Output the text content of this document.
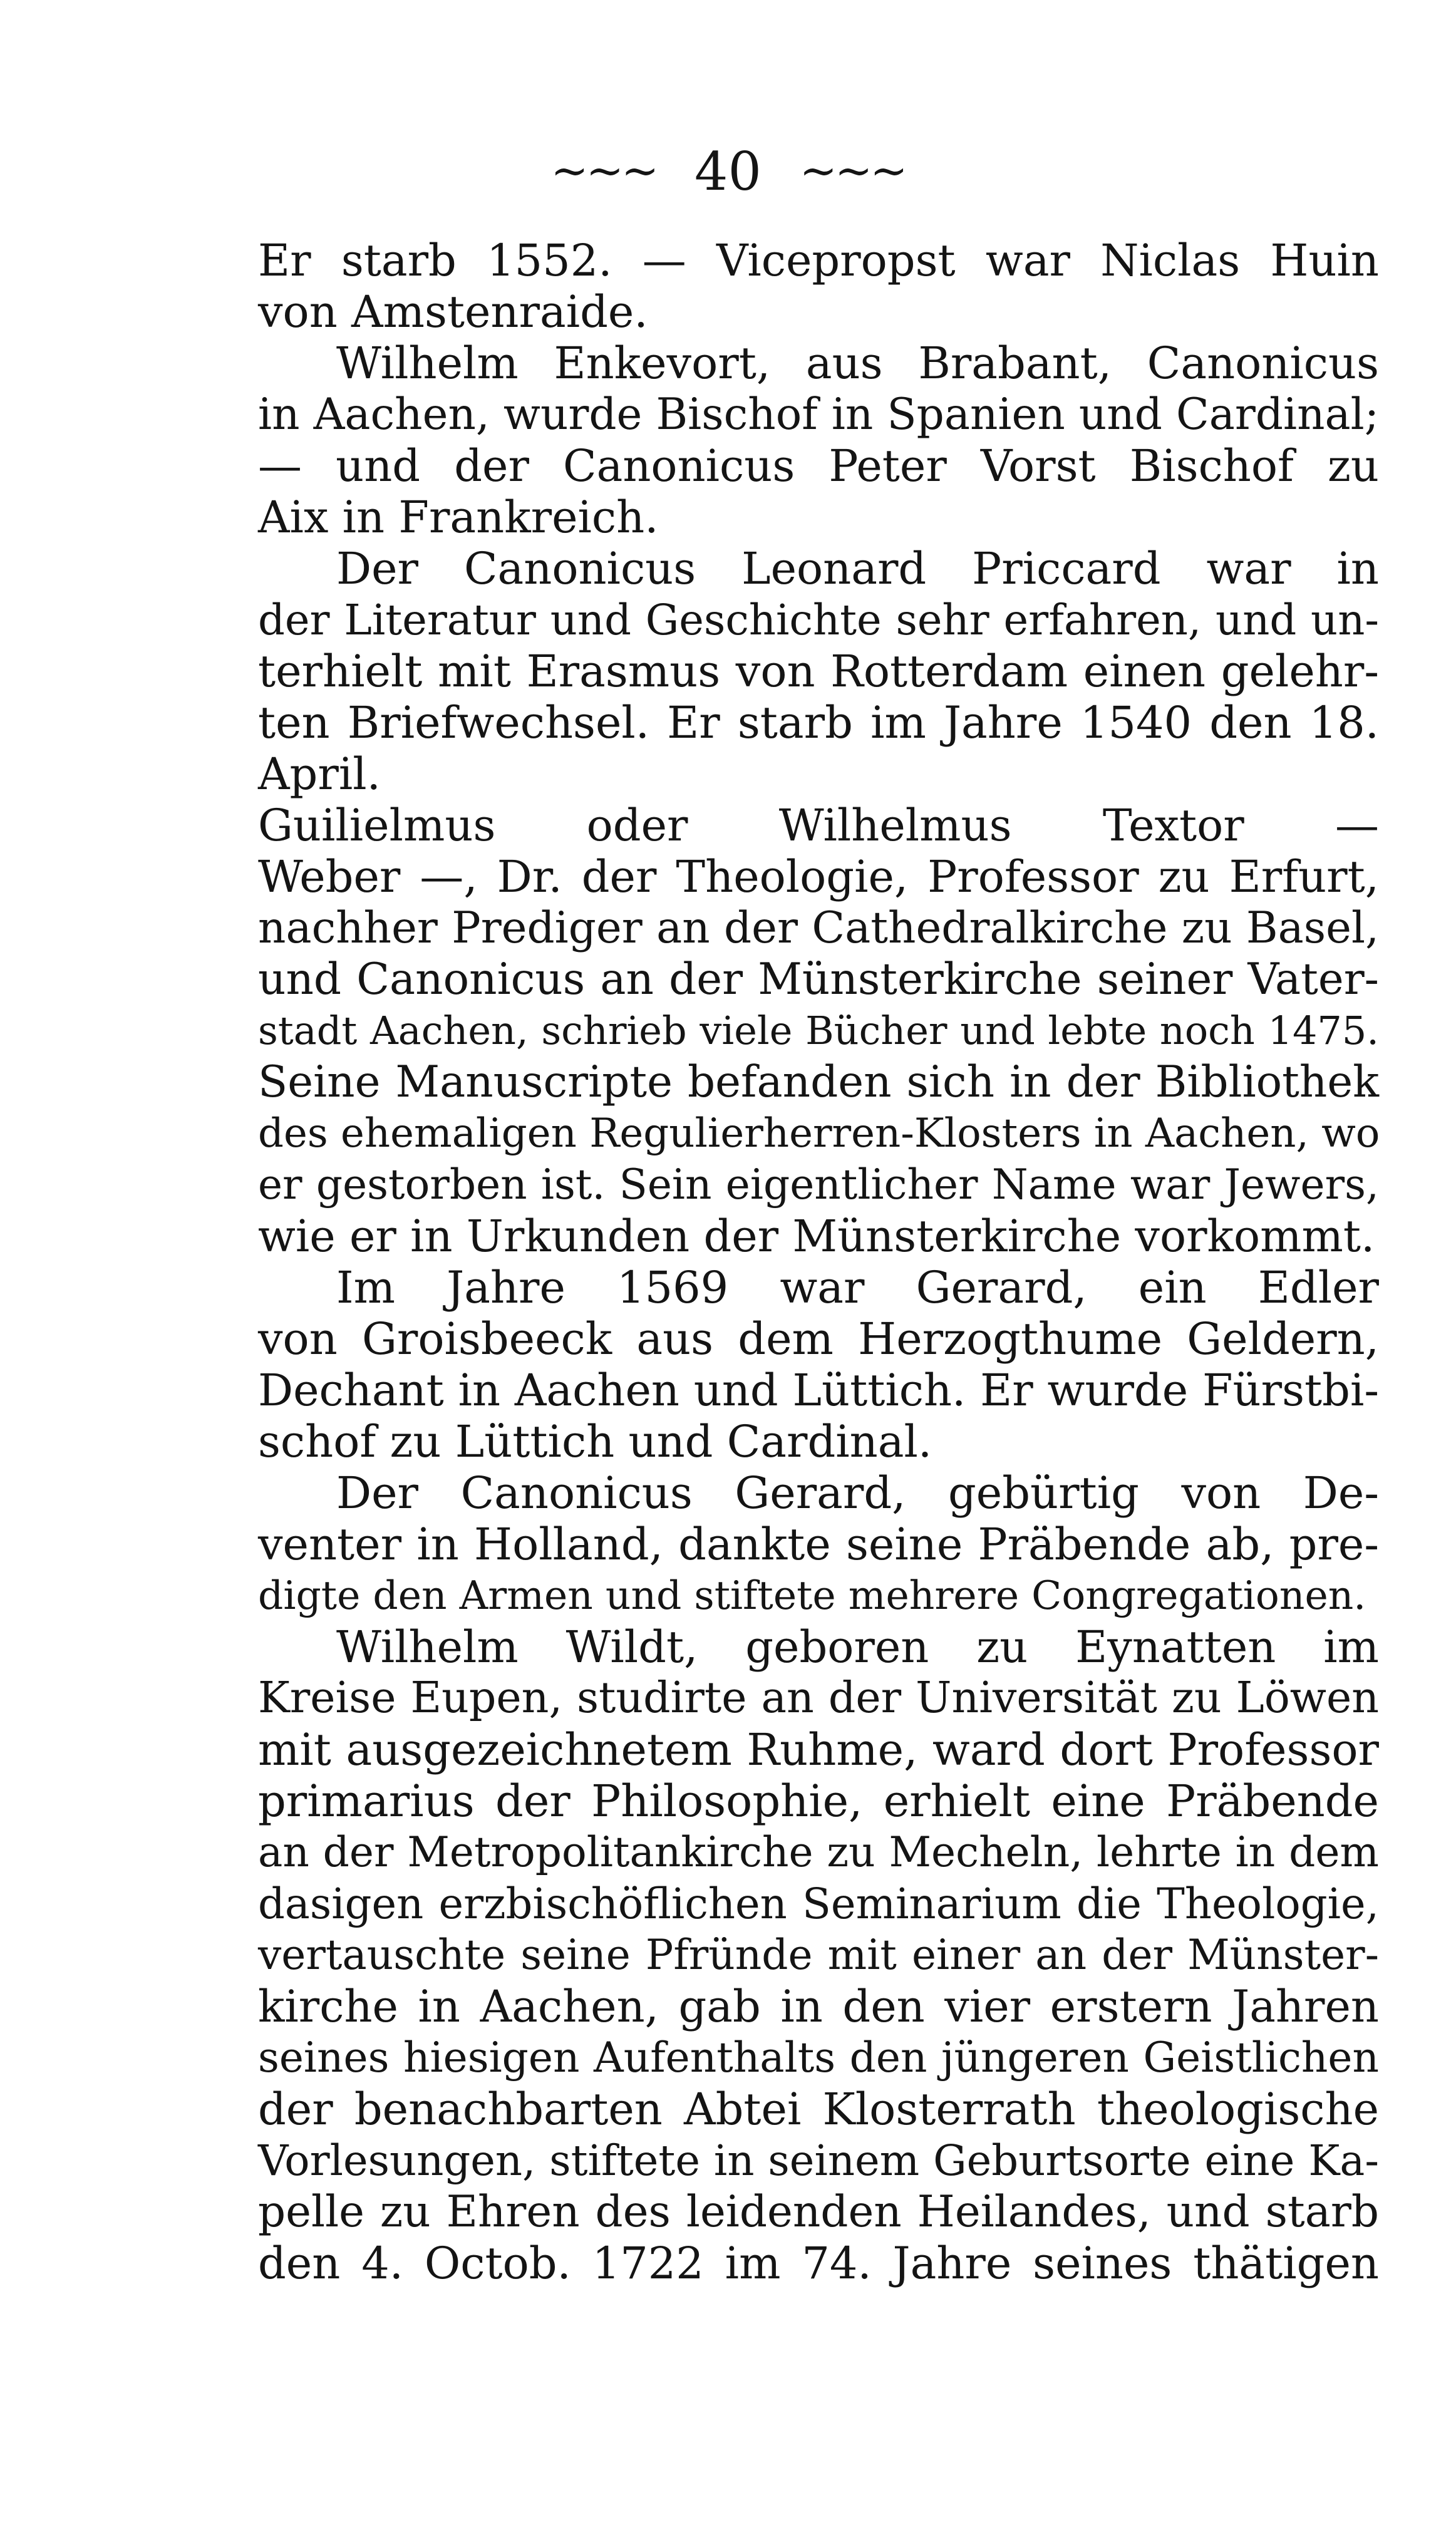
~~~ 40 ~~~
Er starb 1552. — Vicepropst war Niclas Huin
von Amstenraide.
Wilhelm Enkevort, aus Brabant, Canonicus
in Aachen, wurde Bischof in Spanien und Cardinal;
— und der Canonicus Peter Vorst Bischof zu
Aix in Frankreich.
Der Canonicus Leonard Priccard war in
der Literatur und Geschichte sehr erfahren, und un-
terhielt mit Erasmus von Rotterdam einen gelehr-
ten Briefwechsel. Er starb im Jahre 1540 den 18.
April.
Guilielmus oder Wilhelmus Textor —
Weber —, Dr. der Theologie, Professor zu Erfurt,
nachher Prediger an der Cathedralkirche zu Basel,
und Canonicus an der Münsterkirche seiner Vater-
stadt Aachen, schrieb viele Bücher und lebte noch 1475.
Seine Manuscripte befanden sich in der Bibliothek
des ehemaligen Regulierherren-Klosters in Aachen, wo
er gestorben ist. Sein eigentlicher Name war Jewers,
wie er in Urkunden der Münsterkirche vorkommt.
Im Jahre 1569 war Gerard, ein Edler
von Groisbeeck aus dem Herzogthume Geldern,
Dechant in Aachen und Lüttich. Er wurde Fürstbi-
schof zu Lüttich und Cardinal.
Der Canonicus Gerard, gebürtig von De-
venter in Holland, dankte seine Präbende ab, pre-
digte den Armen und stiftete mehrere Congregationen.
Wilhelm Wildt, geboren zu Eynatten im
Kreise Eupen, studirte an der Universität zu Löwen
mit ausgezeichnetem Ruhme, ward dort Professor
primarius der Philosophie, erhielt eine Präbende
an der Metropolitankirche zu Mecheln, lehrte in dem
dasigen erzbischöflichen Seminarium die Theologie,
vertauschte seine Pfründe mit einer an der Münster-
kirche in Aachen, gab in den vier erstern Jahren
seines hiesigen Aufenthalts den jüngeren Geistlichen
der benachbarten Abtei Klosterrath theologische
Vorlesungen, stiftete in seinem Geburtsorte eine Ka-
pelle zu Ehren des leidenden Heilandes, und starb
den 4. Octob. 1722 im 74. Jahre seines thätigen
